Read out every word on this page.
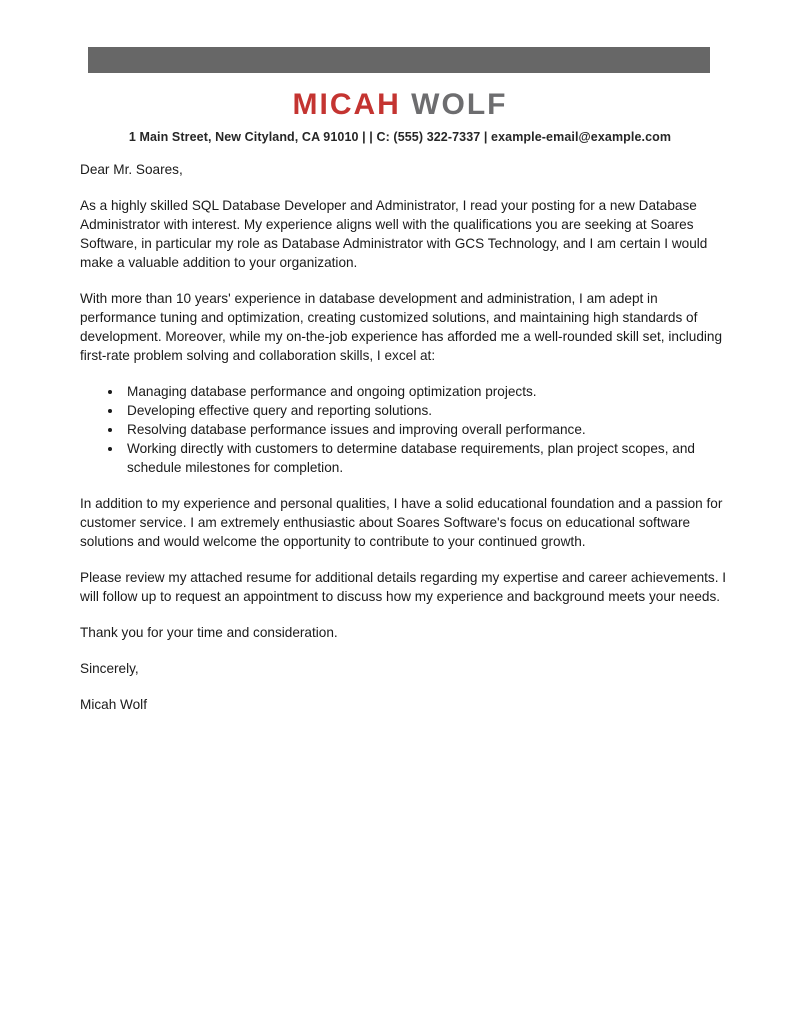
MICAH WOLF
1 Main Street, New Cityland, CA 91010 | | C: (555) 322-7337 | example-email@example.com

Dear Mr. Soares,

As a highly skilled SQL Database Developer and Administrator, I read your posting for a new Database Administrator with interest. My experience aligns well with the qualifications you are seeking at Soares Software, in particular my role as Database Administrator with GCS Technology, and I am certain I would make a valuable addition to your organization.

With more than 10 years' experience in database development and administration, I am adept in performance tuning and optimization, creating customized solutions, and maintaining high standards of development. Moreover, while my on-the-job experience has afforded me a well-rounded skill set, including first-rate problem solving and collaboration skills, I excel at:

• Managing database performance and ongoing optimization projects.
• Developing effective query and reporting solutions.
• Resolving database performance issues and improving overall performance.
• Working directly with customers to determine database requirements, plan project scopes, and schedule milestones for completion.

In addition to my experience and personal qualities, I have a solid educational foundation and a passion for customer service. I am extremely enthusiastic about Soares Software's focus on educational software solutions and would welcome the opportunity to contribute to your continued growth.

Please review my attached resume for additional details regarding my expertise and career achievements. I will follow up to request an appointment to discuss how my experience and background meets your needs.

Thank you for your time and consideration.

Sincerely,

Micah Wolf
